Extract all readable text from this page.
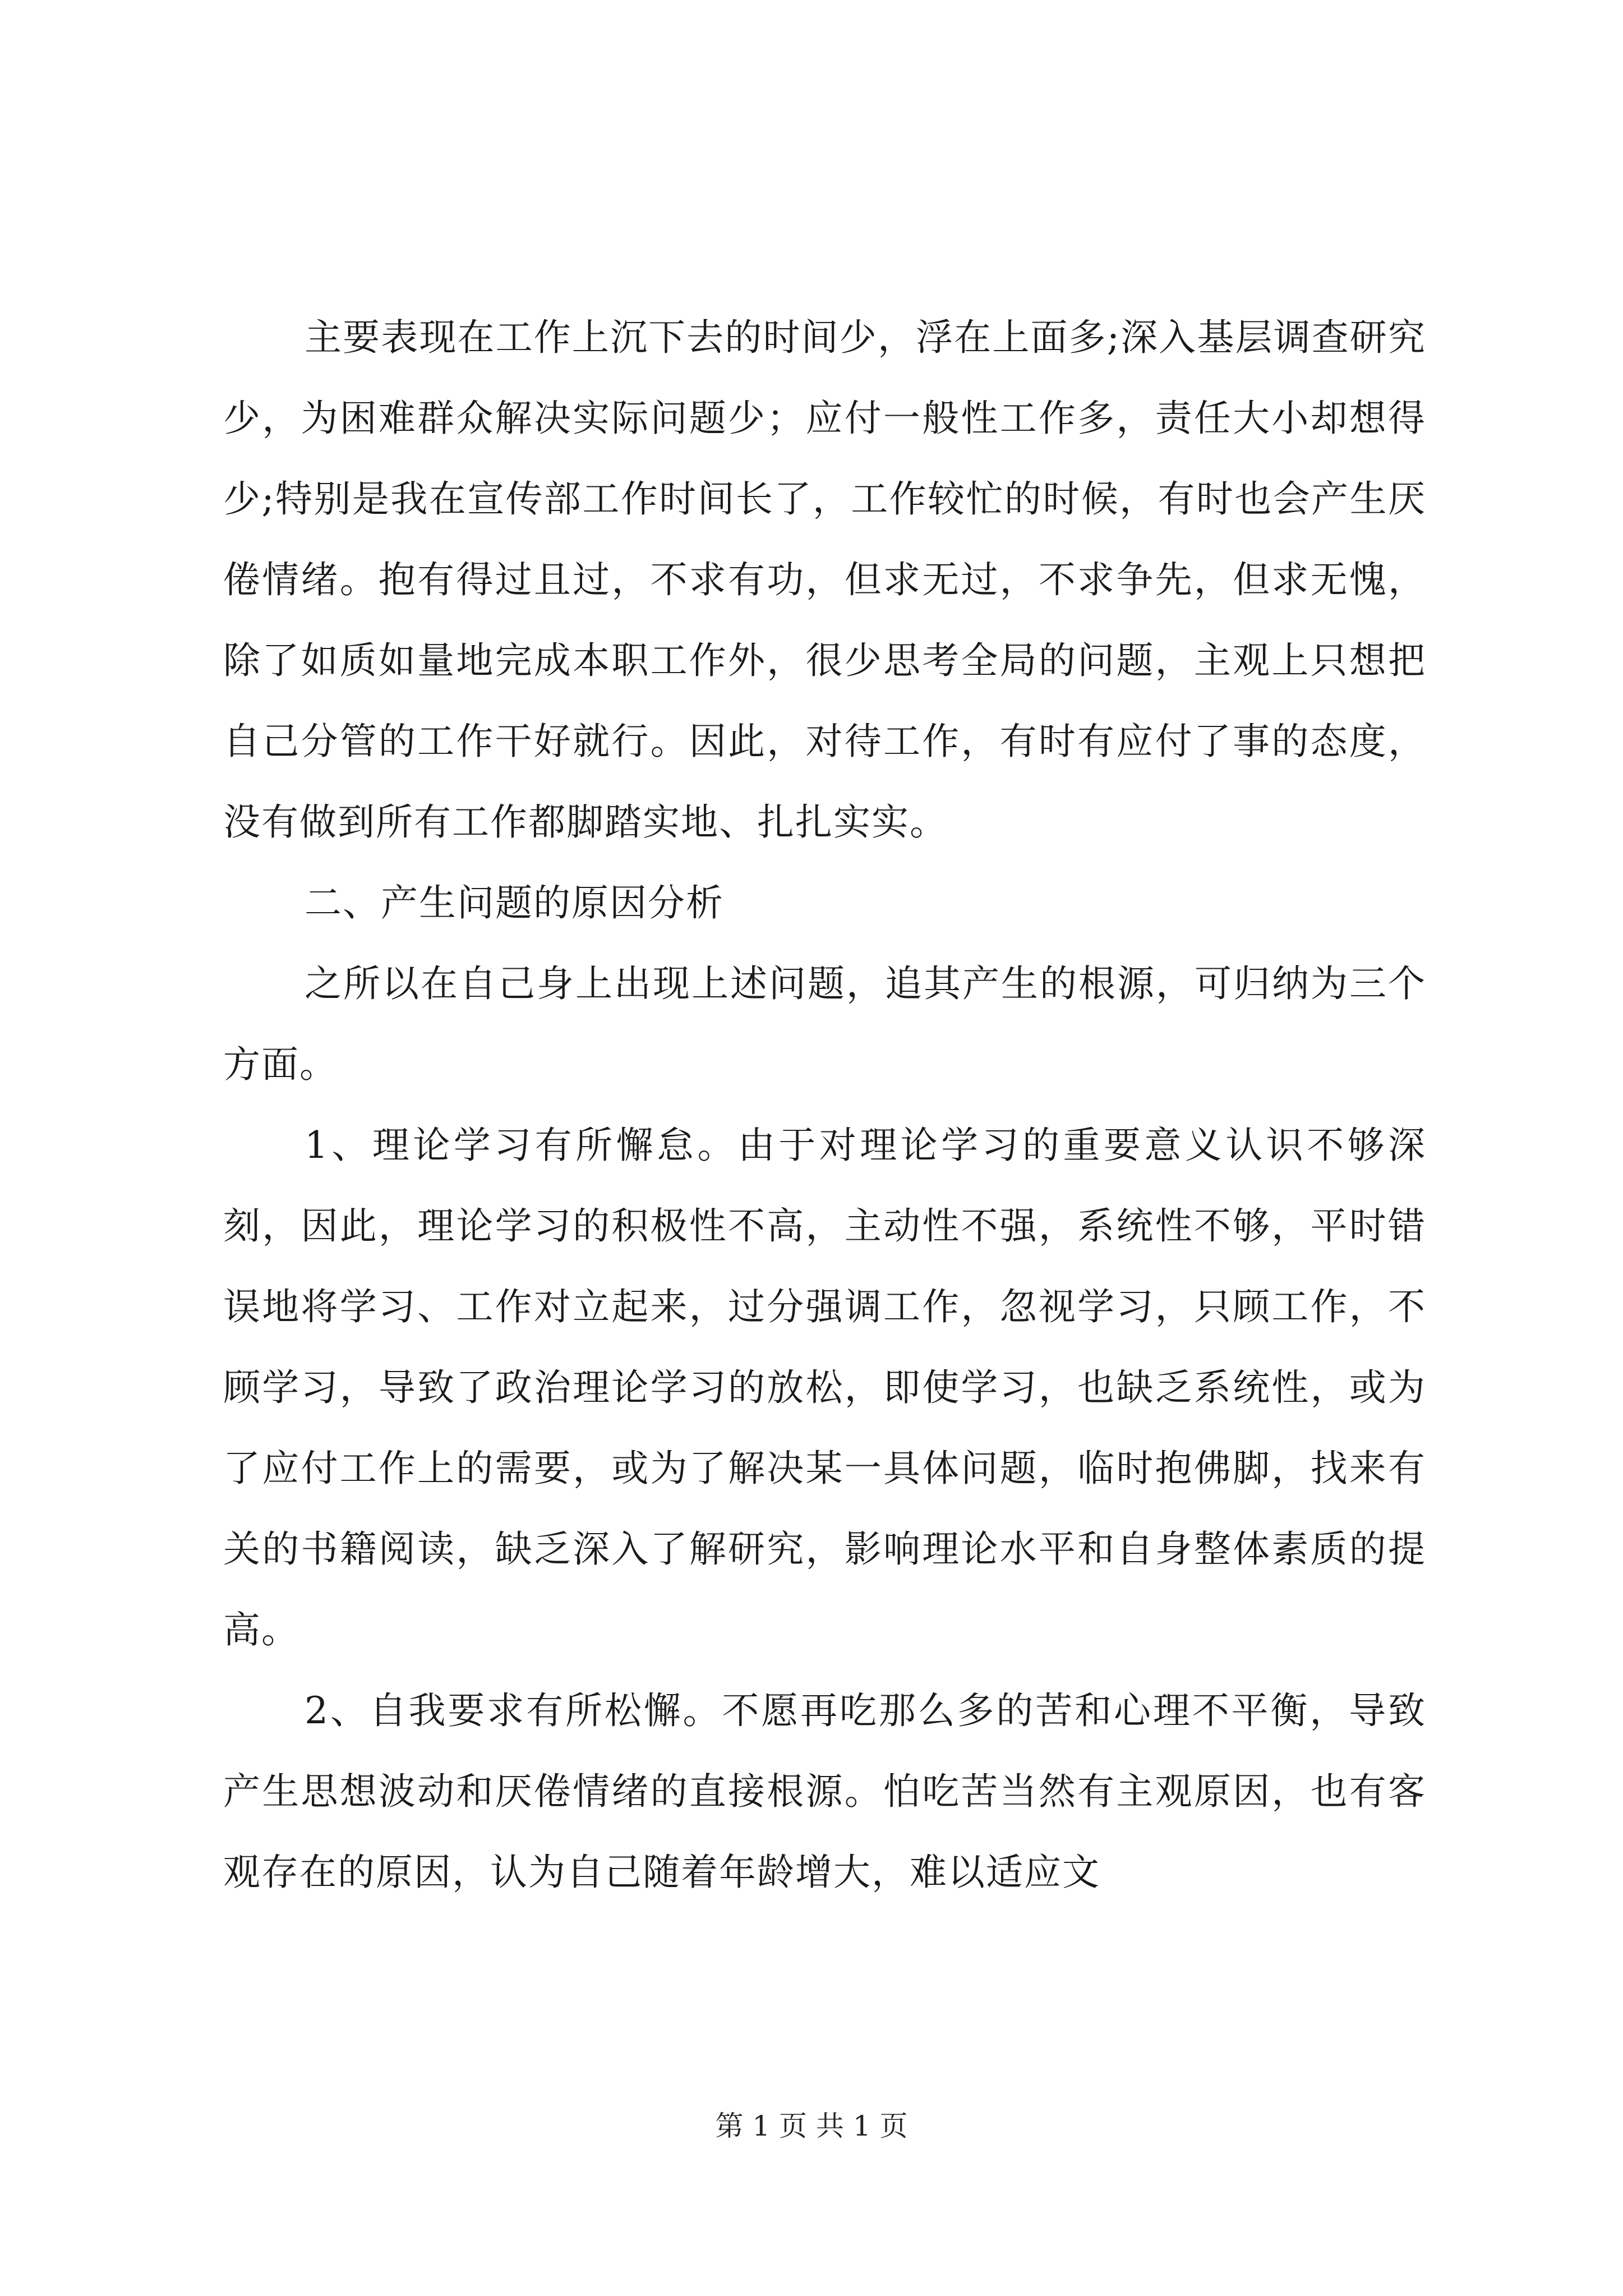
主要表现在工作上沉下去的时间少，浮在上面多;深入基层调查研究少，为困难群众解决实际问题少；应付一般性工作多，责任大小却想得少;特别是我在宣传部工作时间长了，工作较忙的时候，有时也会产生厌倦情绪。抱有得过且过，不求有功，但求无过，不求争先，但求无愧，除了如质如量地完成本职工作外，很少思考全局的问题，主观上只想把自己分管的工作干好就行。因此，对待工作，有时有应付了事的态度，没有做到所有工作都脚踏实地、扎扎实实。

二、产生问题的原因分析

之所以在自己身上出现上述问题，追其产生的根源，可归纳为三个方面。

1、理论学习有所懈怠。由于对理论学习的重要意义认识不够深刻，因此，理论学习的积极性不高，主动性不强，系统性不够，平时错误地将学习、工作对立起来，过分强调工作，忽视学习，只顾工作，不顾学习，导致了政治理论学习的放松，即使学习，也缺乏系统性，或为了应付工作上的需要，或为了解决某一具体问题，临时抱佛脚，找来有关的书籍阅读，缺乏深入了解研究，影响理论水平和自身整体素质的提高。

2、自我要求有所松懈。不愿再吃那么多的苦和心理不平衡，导致产生思想波动和厌倦情绪的直接根源。怕吃苦当然有主观原因，也有客观存在的原因，认为自己随着年龄增大，难以适应文

第 1 页 共 1 页
